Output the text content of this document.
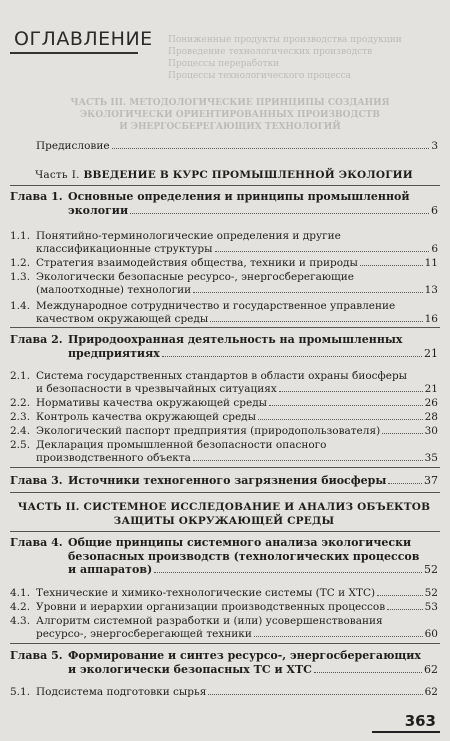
ОГЛАВЛЕНИЕ Пониженные продукты производства продукции
Проведение технологических производств
Процессы переработки
Процессы технологического процесса
ЧАСТЬ III. МЕТОДОЛОГИЧЕСКИЕ ПРИНЦИПЫ СОЗДАНИЯ
ЭКОЛОГИЧЕСКИ ОРИЕНТИРОВАННЫХ ПРОИЗВОДСТВ
И ЭНЕРГОСБЕРЕГАЮЩИХ ТЕХНОЛОГИЙ
Предисловие	3
Часть I. ВВЕДЕНИЕ В КУРС ПРОМЫШЛЕННОЙ ЭКОЛОГИИ
Глава 1. Основные определения и принципы промышленной
экологии	6
1.1. Понятийно-терминологические определения и другие
классификационные структуры	6
1.2. Стратегия взаимодействия общества, техники и природы	11
1.3. Экологически безопасные ресурсо-, энергосберегающие
(малоотходные) технологии	13
1.4. Международное сотрудничество и государственное управление
качеством окружающей среды	16
Глава 2. Природоохранная деятельность на промышленных
предприятиях	21
2.1. Система государственных стандартов в области охраны биосферы
и безопасности в чрезвычайных ситуациях	21
2.2. Нормативы качества окружающей среды	26
2.3. Контроль качества окружающей среды	28
2.4. Экологический паспорт предприятия (природопользователя)	30
2.5. Декларация промышленной безопасности опасного
производственного объекта	35
Глава 3. Источники техногенного загрязнения биосферы	37
ЧАСТЬ II. СИСТЕМНОЕ ИССЛЕДОВАНИЕ И АНАЛИЗ ОБЪЕКТОВ
ЗАЩИТЫ ОКРУЖАЮЩЕЙ СРЕДЫ
Глава 4. Общие принципы системного анализа экологически
безопасных производств (технологических процессов
и аппаратов)	52
4.1. Технические и химико-технологические системы (ТС и ХТС)	52
4.2. Уровни и иерархии организации производственных процессов	53
4.3. Алгоритм системной разработки и (или) усовершенствования
ресурсо-, энергосберегающей техники	60
Глава 5. Формирование и синтез ресурсо-, энергосберегающих
и экологически безопасных ТС и ХТС	62
5.1. Подсистема подготовки сырья	62
363
